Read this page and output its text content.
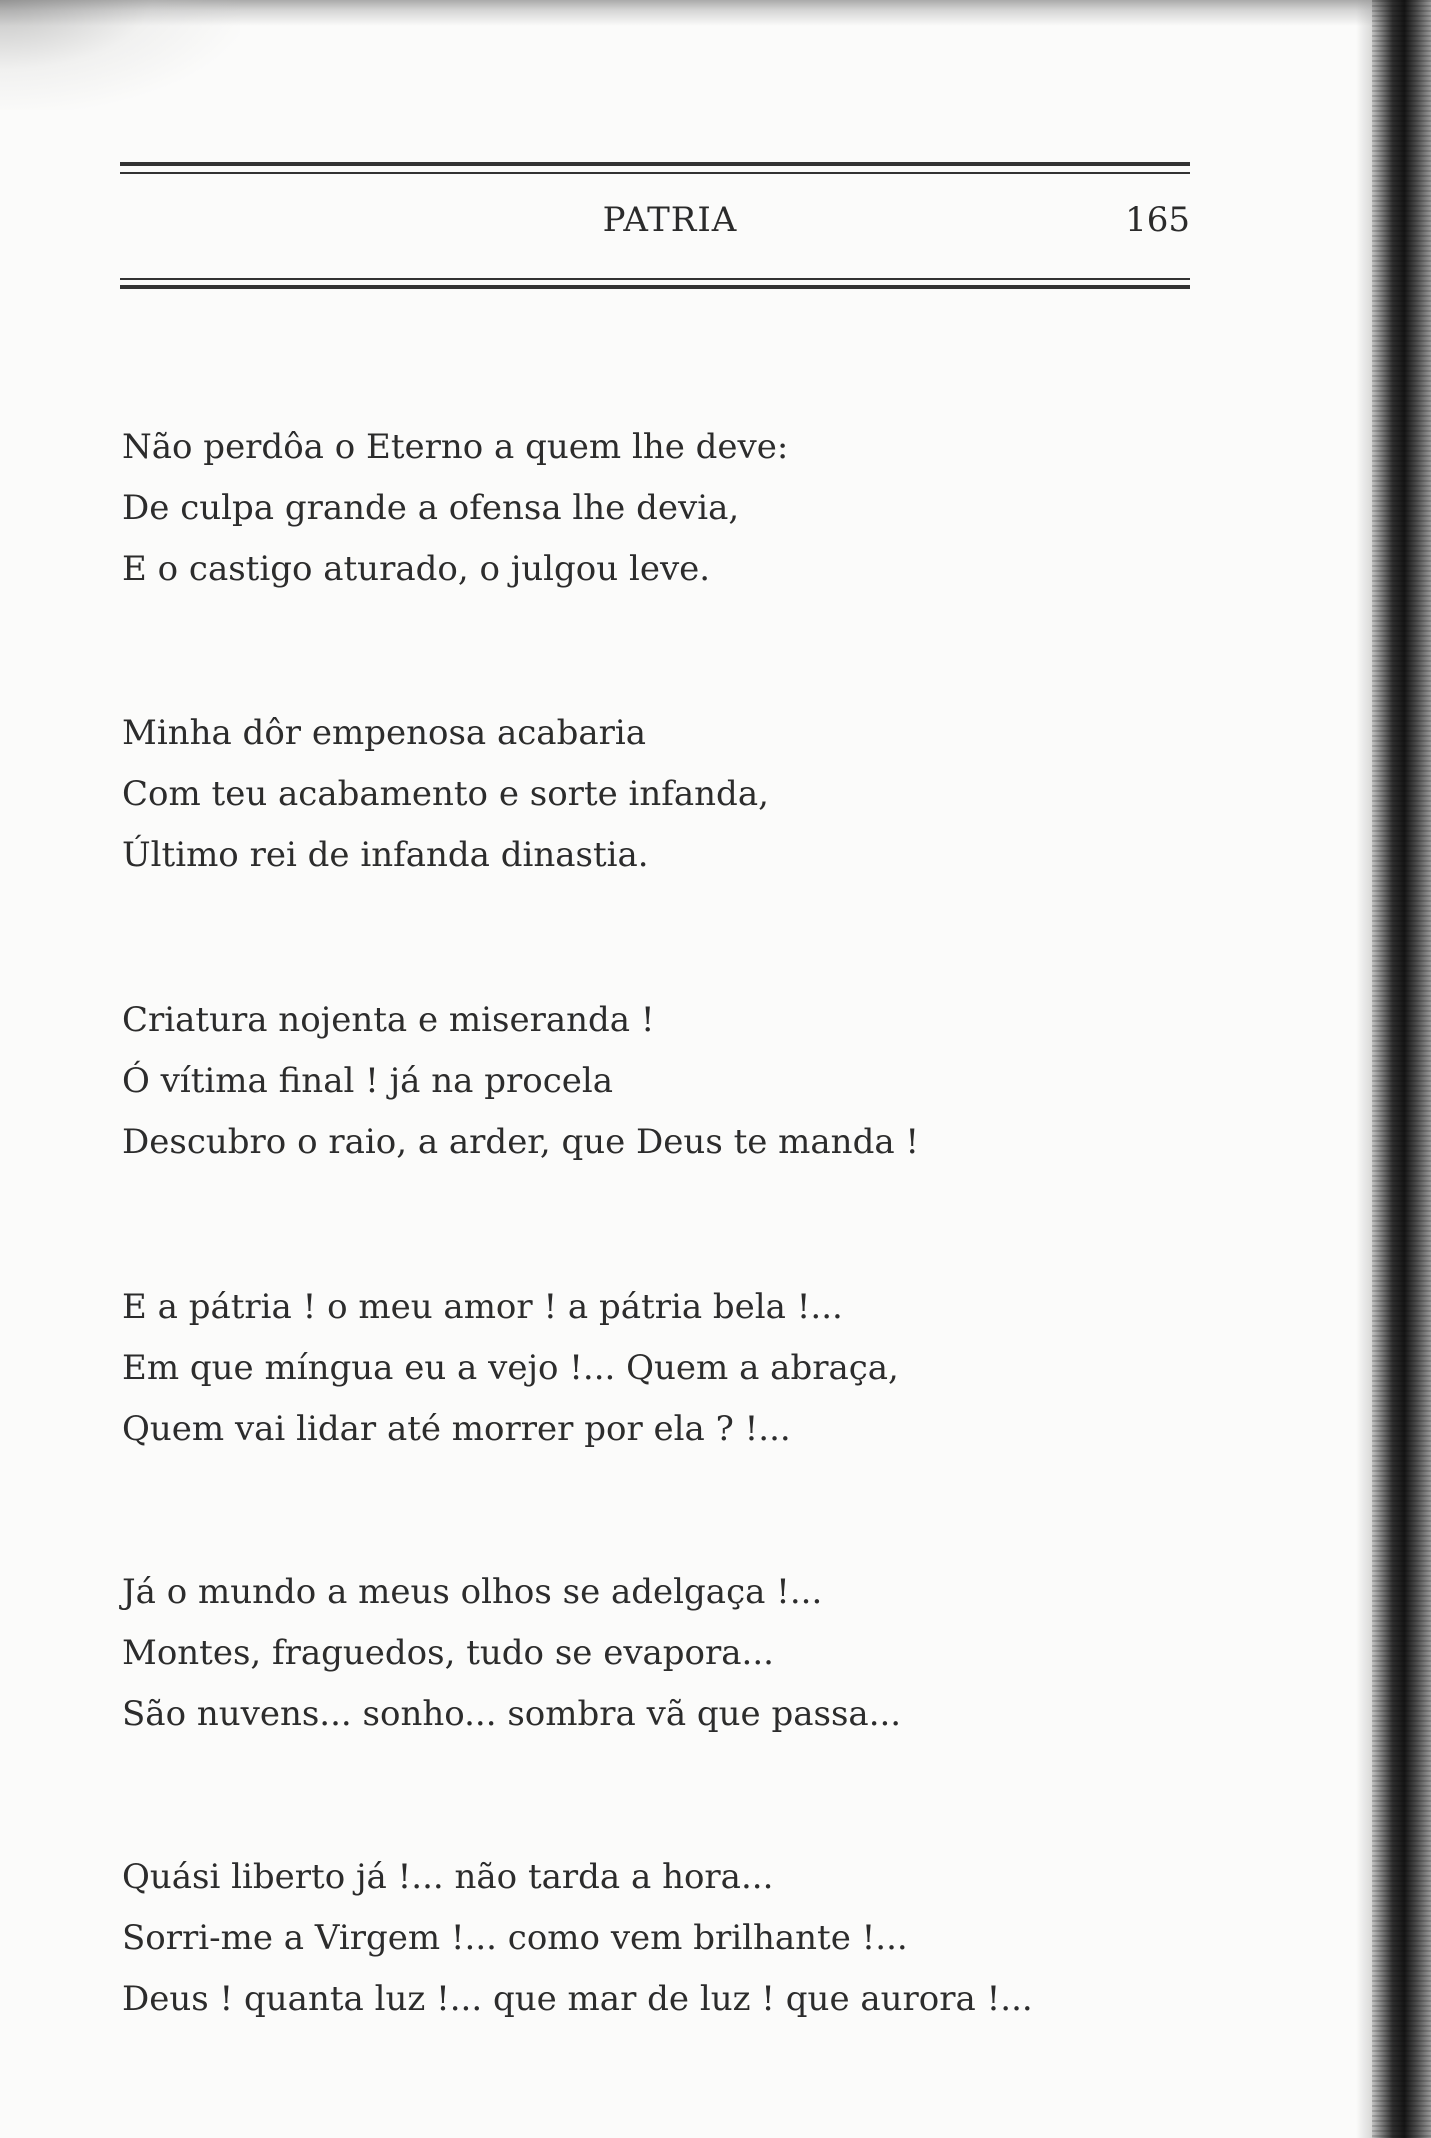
PATRIA	165
Não perdôa o Eterno a quem lhe deve:
De culpa grande a ofensa lhe devia,
E o castigo aturado, o julgou leve.
Minha dôr empenosa acabaria
Com teu acabamento e sorte infanda,
Último rei de infanda dinastia.
Criatura nojenta e miseranda !
Ó vítima final ! já na procela
Descubro o raio, a arder, que Deus te manda !
E a pátria ! o meu amor ! a pátria bela !...
Em que míngua eu a vejo !... Quem a abraça,
Quem vai lidar até morrer por ela ? !...
Já o mundo a meus olhos se adelgaça !...
Montes, fraguedos, tudo se evapora...
São nuvens... sonho... sombra vã que passa...
Quási liberto já !... não tarda a hora...
Sorri-me a Virgem !... como vem brilhante !...
Deus ! quanta luz !... que mar de luz ! que aurora !...
